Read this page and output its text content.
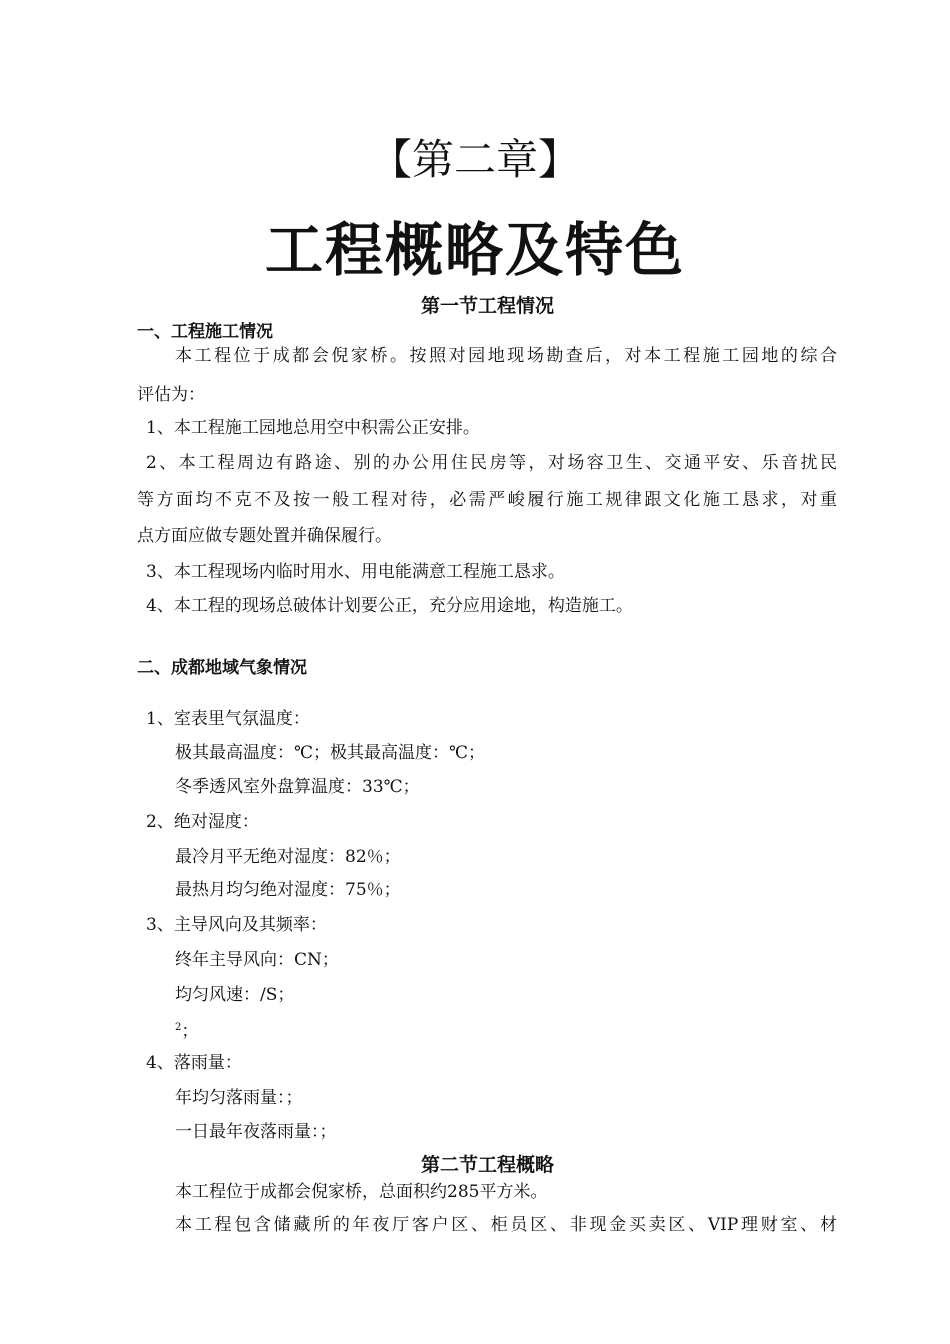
【第二章】
工程概略及特色
第一节工程情况
一、工程施工情况
本工程位于成都会倪家桥。按照对园地现场勘查后，对本工程施工园地的综合
评估为：
1、本工程施工园地总用空中积需公正安排。
2、本工程周边有路途、别的办公用住民房等，对场容卫生、交通平安、乐音扰民
等方面均不克不及按一般工程对待，必需严峻履行施工规律跟文化施工恳求，对重
点方面应做专题处置并确保履行。
3、本工程现场内临时用水、用电能满意工程施工恳求。
4、本工程的现场总破体计划要公正，充分应用途地，构造施工。
二、成都地域气象情况
1、室表里气氛温度：
极其最高温度：℃；极其最高温度：℃；
冬季透风室外盘算温度：33℃；
2、绝对湿度：
最冷月平无绝对湿度：82％；
最热月均匀绝对湿度：75％；
3、主导风向及其频率：
终年主导风向：CN；
均匀风速：/S；
$^2$；
4、落雨量：
年均匀落雨量：；
一日最年夜落雨量：；
第二节工程概略
本工程位于成都会倪家桥，总面积约285平方米。
本工程包含储藏所的年夜厅客户区、柜员区、非现金买卖区、VIP理财室、材
